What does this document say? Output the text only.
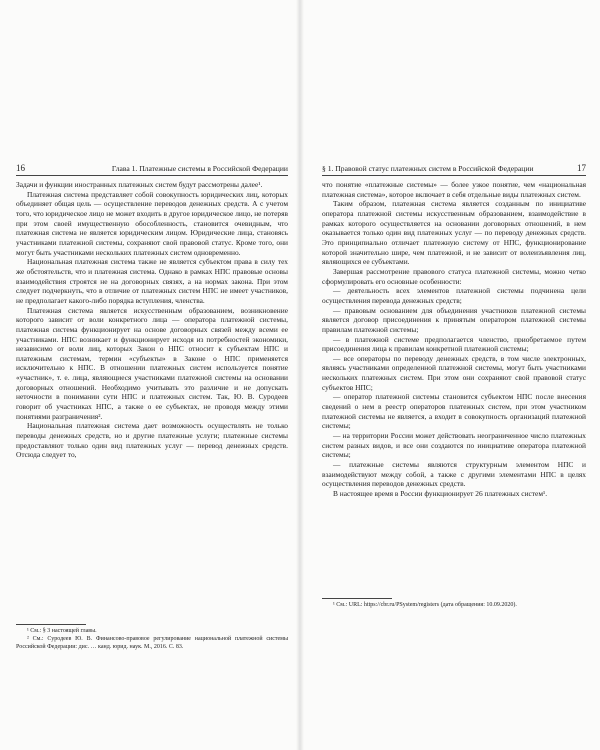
16	Глава 1. Платежные системы в Российской Федерации

Задачи и функции иностранных платежных систем будут рассмотрены далее¹.

Платежная система представляет собой совокупность юридических лиц, которых объединяет общая цель — осуществление переводов денежных средств. А с учетом того, что юридическое лицо не может входить в другое юридическое лицо, не потеряв при этом своей имущественную обособленность, становится очевидным, что платежная система не является юридическим лицом. Юридические лица, становясь участниками платежной системы, сохраняют свой правовой статус. Кроме того, они могут быть участниками нескольких платежных систем одновременно.

Национальная платежная система также не является субъектом права в силу тех же обстоятельств, что и платежная система. Однако в рамках НПС правовые основы взаимодействия строятся не на договорных связях, а на нормах закона. При этом следует подчеркнуть, что в отличие от платежных систем НПС не имеет участников, не предполагает какого-либо порядка вступления, членства.

Платежная система является искусственным образованием, возникновение которого зависит от воли конкретного лица — оператора платежной системы, платежная система функционирует на основе договорных связей между всеми ее участниками. НПС возникает и функционирует исходя из потребностей экономики, независимо от воли лиц, которых Закон о НПС относит к субъектам НПС и платежным системам, термин «субъекты» в Законе о НПС применяется исключительно к НПС. В отношении платежных систем используется понятие «участник», т. е. лица, являющиеся участниками платежной системы на основании договорных отношений. Необходимо учитывать это различие и не допускать неточности в понимании сути НПС и платежных систем. Так, Ю. В. Суродеев говорит об участниках НПС, а также о ее субъектах, не проводя между этими понятиями разграничения².

Национальная платежная система дает возможность осуществлять не только переводы денежных средств, но и другие платежные услуги; платежные системы предоставляют только один вид платежных услуг — перевод денежных средств. Отсюда следует то,

¹ См.: § 3 настоящей главы.

² См.: Суродеев Ю. В. Финансово-правовое регулирование национальной платежной системы Российской Федерации: дис. … канд. юрид. наук. М., 2016. С. 83.

§ 1. Правовой статус платежных систем в Российской Федерации	17

что понятие «платежные системы» — более узкое понятие, чем «национальная платежная система», которое включает в себя отдельные виды платежных систем.

Таким образом, платежная система является созданным по инициативе оператора платежной системы искусственным образованием, взаимодействие в рамках которого осуществляется на основании договорных отношений, в нем оказывается только один вид платежных услуг — по переводу денежных средств. Это принципиально отличает платежную систему от НПС, функционирование которой значительно шире, чем платежной, и не зависит от волеизъявления лиц, являющихся ее субъектами.

Завершая рассмотрение правового статуса платежной системы, можно четко сформулировать его основные особенности:

— деятельность всех элементов платежной системы подчинена цели осуществления перевода денежных средств;

— правовым основанием для объединения участников платежной системы является договор присоединения к принятым оператором платежной системы правилам платежной системы;

— в платежной системе предполагается членство, приобретаемое путем присоединения лица к правилам конкретной платежной системы;

— все операторы по переводу денежных средств, в том числе электронных, являясь участниками определенной платежной системы, могут быть участниками нескольких платежных систем. При этом они сохраняют свой правовой статус субъектов НПС;

— оператор платежной системы становится субъектом НПС после внесения сведений о нем в реестр операторов платежных систем, при этом участником платежной системы не является, а входит в совокупность организаций платежной системы;

— на территории России может действовать неограниченное число платежных систем разных видов, и все они создаются по инициативе оператора платежной системы;

— платежные системы являются структурным элементом НПС и взаимодействуют между собой, а также с другими элементами НПС в целях осуществления переводов денежных средств.

В настоящее время в России функционирует 26 платежных систем¹.

¹ См.: URL: https://cbr.ru/PSystem/registers (дата обращения: 10.09.2020).
